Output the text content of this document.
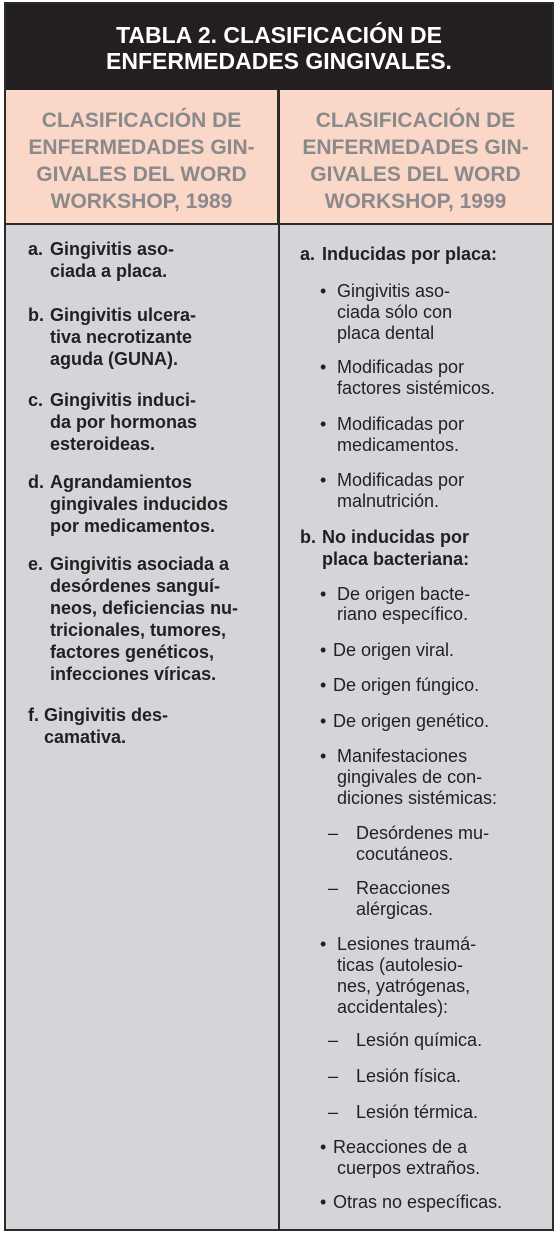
TABLA 2. CLASIFICACIÓN DE
ENFERMEDADES GINGIVALES.
CLASIFICACIÓN DE
ENFERMEDADES GIN-
GIVALES DEL WORD
WORKSHOP, 1989
CLASIFICACIÓN DE
ENFERMEDADES GIN-
GIVALES DEL WORD
WORKSHOP, 1999
a. Gingivitis aso-
ciada a placa.
b. Gingivitis ulcera-
tiva necrotizante
aguda (GUNA).
c. Gingivitis induci-
da por hormonas
esteroideas.
d. Agrandamientos
gingivales inducidos
por medicamentos.
e. Gingivitis asociada a
desórdenes sanguí-
neos, deficiencias nu-
tricionales, tumores,
factores genéticos,
infecciones víricas.
f. Gingivitis des-
camativa.
a. Inducidas por placa:
• Gingivitis aso-
ciada sólo con
placa dental
• Modificadas por
factores sistémicos.
• Modificadas por
medicamentos.
• Modificadas por
malnutrición.
b. No inducidas por
placa bacteriana:
• De origen bacte-
riano específico.
• De origen viral.
• De origen fúngico.
• De origen genético.
• Manifestaciones
gingivales de con-
diciones sistémicas:
– Desórdenes mu-
cocutáneos.
– Reacciones
alérgicas.
• Lesiones traumá-
ticas (autolesio-
nes, yatrógenas,
accidentales):
– Lesión química.
– Lesión física.
– Lesión térmica.
• Reacciones de a
cuerpos extraños.
• Otras no específicas.
